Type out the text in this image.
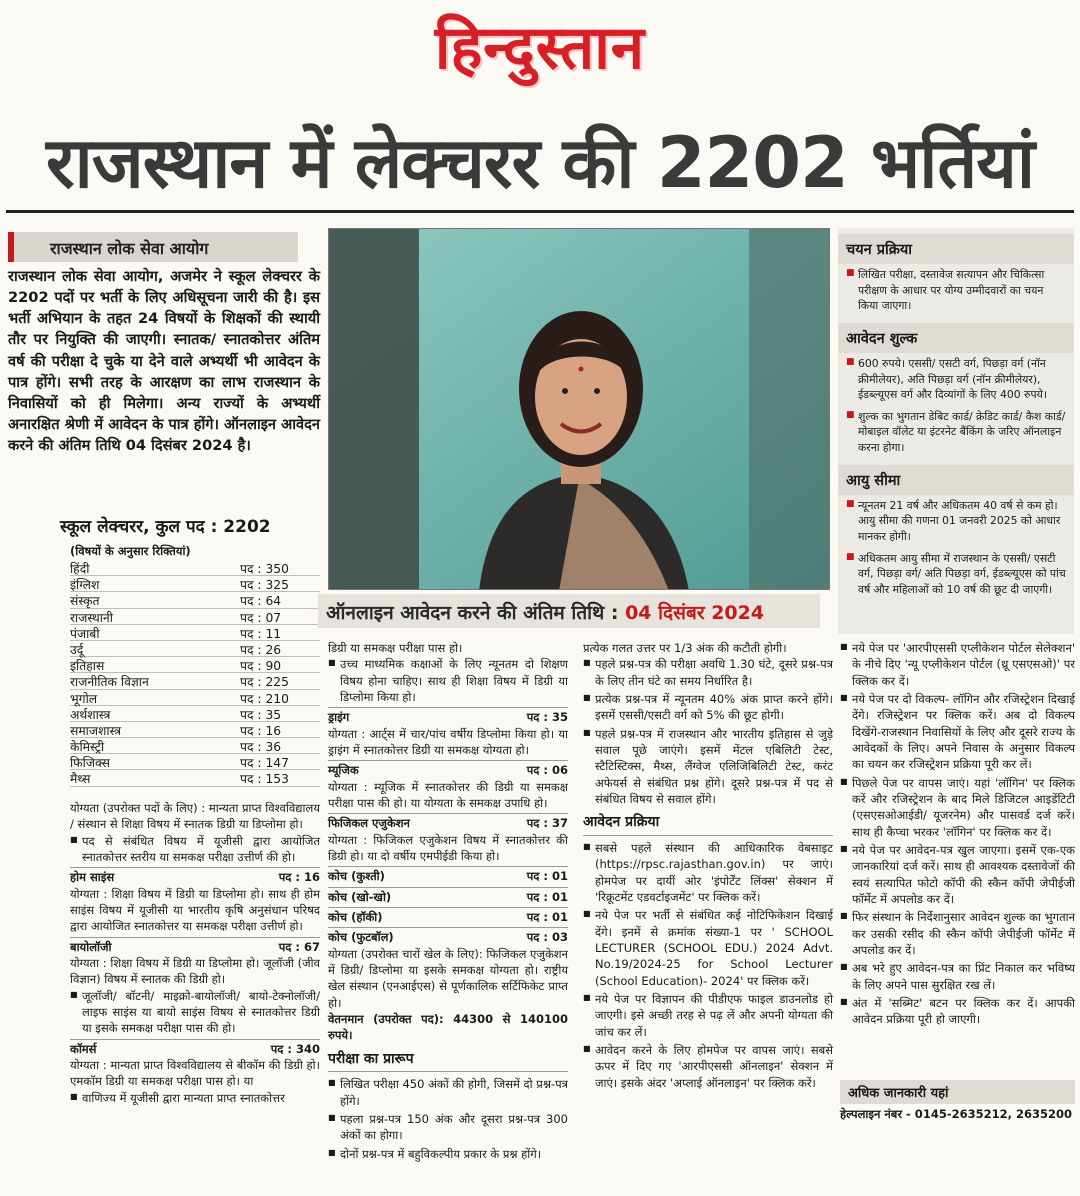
हिन्दुस्तान
राजस्थान में लेक्चरर की 2202 भर्तियां
राजस्थान लोक सेवा आयोग
राजस्थान लोक सेवा आयोग, अजमेर ने स्कूल लेक्चरर के 2202 पदों पर भर्ती के लिए अधिसूचना जारी की है। इस भर्ती अभियान के तहत 24 विषयों के शिक्षकों की स्थायी तौर पर नियुक्ति की जाएगी। स्नातक/ स्नातकोत्तर अंतिम वर्ष की परीक्षा दे चुके या देने वाले अभ्यर्थी भी आवेदन के पात्र होंगे। सभी तरह के आरक्षण का लाभ राजस्थान के निवासियों को ही मिलेगा। अन्य राज्यों के अभ्यर्थी अनारक्षित श्रेणी में आवेदन के पात्र होंगे। ऑनलाइन आवेदन करने की अंतिम तिथि 04 दिसंबर 2024 है।
स्कूल लेक्चरर, कुल पद : 2202
(विषयों के अनुसार रिक्तियां)
हिंदी	पद : 350
इंग्लिश	पद : 325
संस्कृत	पद : 64
राजस्थानी	पद : 07
पंजाबी	पद : 11
उर्दू	पद : 26
इतिहास	पद : 90
राजनीतिक विज्ञान	पद : 225
भूगोल	पद : 210
अर्थशास्त्र	पद : 35
समाजशास्त्र	पद : 16
केमिस्ट्री	पद : 36
फिजिक्स	पद : 147
मैथ्स	पद : 153
योग्यता (उपरोक्त पदों के लिए) : मान्यता प्राप्त विश्वविद्यालय / संस्थान से शिक्षा विषय में स्नातक डिग्री या डिप्लोमा हो।
■ पद से संबंधित विषय में यूजीसी द्वारा आयोजित स्नातकोत्तर स्तरीय या समकक्ष परीक्षा उत्तीर्ण की हो।
होम साइंस	पद : 16
योग्यता : शिक्षा विषय में डिग्री या डिप्लोमा हो। साथ ही होम साइंस विषय में यूजीसी या भारतीय कृषि अनुसंधान परिषद द्वारा आयोजित स्नातकोत्तर या समकक्ष परीक्षा उत्तीर्ण हो।
बायोलॉजी	पद : 67
योग्यता : शिक्षा विषय में डिग्री या डिप्लोमा हो। जूलॉजी (जीव विज्ञान) विषय में स्नातक की डिग्री हो।
■ जूलॉजी/ बॉटनी/ माइक्रो-बायोलॉजी/ बायो-टेक्नोलॉजी/ लाइफ साइंस या बायो साइंस विषय से स्नातकोत्तर डिग्री या इसके समकक्ष परीक्षा पास की हो।
कॉमर्स	पद : 340
योग्यता : मान्यता प्राप्त विश्वविद्यालय से बीकॉम की डिग्री हो। एमकॉम डिग्री या समकक्ष परीक्षा पास हो। या
■ वाणिज्य में यूजीसी द्वारा मान्यता प्राप्त स्नातकोत्तर
ऑनलाइन आवेदन करने की अंतिम तिथि : 04 दिसंबर 2024
डिग्री या समकक्ष परीक्षा पास हो।
■ उच्च माध्यमिक कक्षाओं के लिए न्यूनतम दो शिक्षण विषय होना चाहिए। साथ ही शिक्षा विषय में डिग्री या डिप्लोमा किया हो।
ड्राइंग	पद : 35
योग्यता : आर्ट्स में चार/पांच वर्षीय डिप्लोमा किया हो। या ड्राइंग में स्नातकोत्तर डिग्री या समकक्ष योग्यता हो।
म्यूजिक	पद : 06
योग्यता : म्यूजिक में स्नातकोत्तर की डिग्री या समकक्ष परीक्षा पास की हो। या योग्यता के समकक्ष उपाधि हो।
फिजिकल एजुकेशन	पद : 37
योग्यता : फिजिकल एजुकेशन विषय में स्नातकोत्तर की डिग्री हो। या दो वर्षीय एमपीईडी किया हो।
कोच (कुश्ती)	पद : 01
कोच (खो-खो)	पद : 01
कोच (हॉकी)	पद : 01
कोच (फुटबॉल)	पद : 03
योग्यता (उपरोक्त चारों खेल के लिए): फिजिकल एजुकेशन में डिग्री/ डिप्लोमा या इसके समकक्ष योग्यता हो। राष्ट्रीय खेल संस्थान (एनआईएस) से पूर्णकालिक सर्टिफिकेट प्राप्त हो।
वेतनमान (उपरोक्त पद): 44300 से 140100 रुपये।
परीक्षा का प्रारूप
■ लिखित परीक्षा 450 अंकों की होगी, जिसमें दो प्रश्न-पत्र होंगे।
■ पहला प्रश्न-पत्र 150 अंक और दूसरा प्रश्न-पत्र 300 अंकों का होगा।
■ दोनों प्रश्न-पत्र में बहुविकल्पीय प्रकार के प्रश्न होंगे।
प्रत्येक गलत उत्तर पर 1/3 अंक की कटौती होगी।
■ पहले प्रश्न-पत्र की परीक्षा अवधि 1.30 घंटे, दूसरे प्रश्न-पत्र के लिए तीन घंटे का समय निर्धारित है।
■ प्रत्येक प्रश्न-पत्र में न्यूनतम 40% अंक प्राप्त करने होंगे। इसमें एससी/एसटी वर्ग को 5% की छूट होगी।
■ पहले प्रश्न-पत्र में राजस्थान और भारतीय इतिहास से जुड़े सवाल पूछे जाएंगे। इसमें मेंटल एबिलिटी टेस्ट, स्टैटिस्टिक्स, मैथ्स, लैंग्वेज एलिजिबिलिटी टेस्ट, करंट अफेयर्स से संबंधित प्रश्न होंगे। दूसरे प्रश्न-पत्र में पद से संबंधित विषय से सवाल होंगे।
आवेदन प्रक्रिया
■ सबसे पहले संस्थान की आधिकारिक वेबसाइट (https://rpsc.rajasthan.gov.in) पर जाएं। होमपेज पर दायीं ओर 'इंपोर्टेंट लिंक्स' सेक्शन में 'रिक्रूटमेंट एडवर्टाइजमेंट' पर क्लिक करें।
■ नये पेज पर भर्ती से संबंधित कई नोटिफिकेशन दिखाई देंगे। इनमें से क्रमांक संख्या-1 पर ' SCHOOL LECTURER (SCHOOL EDU.) 2024 Advt. No.19/2024-25 for School Lecturer (School Education)- 2024' पर क्लिक करें।
■ नये पेज पर विज्ञापन की पीडीएफ फाइल डाउनलोड हो जाएगी। इसे अच्छी तरह से पढ़ लें और अपनी योग्यता की जांच कर लें।
■ आवेदन करने के लिए होमपेज पर वापस जाएं। सबसे ऊपर में दिए गए 'आरपीएससी ऑनलाइन' सेक्शन में जाएं। इसके अंदर 'अप्लाई ऑनलाइन' पर क्लिक करें।
चयन प्रक्रिया
■ लिखित परीक्षा, दस्तावेज सत्यापन और चिकित्सा परीक्षण के आधार पर योग्य उम्मीदवारों का चयन किया जाएगा।
आवेदन शुल्क
■ 600 रुपये। एससी/ एसटी वर्ग, पिछड़ा वर्ग (नॉन क्रीमीलेयर), अति पिछड़ा वर्ग (नॉन क्रीमीलेयर), ईडब्ल्यूएस वर्ग और दिव्यांगों के लिए 400 रुपये।
■ शुल्क का भुगतान डेबिट कार्ड/ क्रेडिट कार्ड/ कैश कार्ड/ मोबाइल वॉलेट या इंटरनेट बैंकिंग के जरिए ऑनलाइन करना होगा।
आयु सीमा
■ न्यूनतम 21 वर्ष और अधिकतम 40 वर्ष से कम हो। आयु सीमा की गणना 01 जनवरी 2025 को आधार मानकर होगी।
■ अधिकतम आयु सीमा में राजस्थान के एससी/ एसटी वर्ग, पिछड़ा वर्ग/ अति पिछड़ा वर्ग, ईडब्ल्यूएस को पांच वर्ष और महिलाओं को 10 वर्ष की छूट दी जाएगी।
■ नये पेज पर 'आरपीएससी एप्लीकेशन पोर्टल सेलेक्शन' के नीचे दिए 'न्यू एप्लीकेशन पोर्टल (थ्रू एसएसओ)' पर क्लिक कर दें।
■ नये पेज पर दो विकल्प- लॉगिन और रजिस्ट्रेशन दिखाई देंगे। रजिस्ट्रेशन पर क्लिक करें। अब दो विकल्प दिखेंगे-राजस्थान निवासियों के लिए और दूसरे राज्य के आवेदकों के लिए। अपने निवास के अनुसार विकल्प का चयन कर रजिस्ट्रेशन प्रक्रिया पूरी कर लें।
■ पिछले पेज पर वापस जाएं। यहां 'लॉगिन' पर क्लिक करें और रजिस्ट्रेशन के बाद मिले डिजिटल आइडेंटिटी (एसएसओआईडी/ यूजरनेम) और पासवर्ड दर्ज करें। साथ ही कैप्चा भरकर 'लॉगिन' पर क्लिक कर दें।
■ नये पेज पर आवेदन-पत्र खुल जाएगा। इसमें एक-एक जानकारियां दर्ज करें। साथ ही आवश्यक दस्तावेजों की स्वयं सत्यापित फोटो कॉपी की स्कैन कॉपी जेपीईजी फॉर्मेट में अपलोड कर दें।
■ फिर संस्थान के निर्देशानुसार आवेदन शुल्क का भुगतान कर उसकी रसीद की स्कैन कॉपी जेपीईजी फॉर्मेट में अपलोड कर दें।
■ अब भरे हुए आवेदन-पत्र का प्रिंट निकाल कर भविष्य के लिए अपने पास सुरक्षित रख लें।
■ अंत में 'सब्मिट' बटन पर क्लिक कर दें। आपकी आवेदन प्रक्रिया पूरी हो जाएगी।
अधिक जानकारी यहां
हेल्पलाइन नंबर - 0145-2635212, 2635200
